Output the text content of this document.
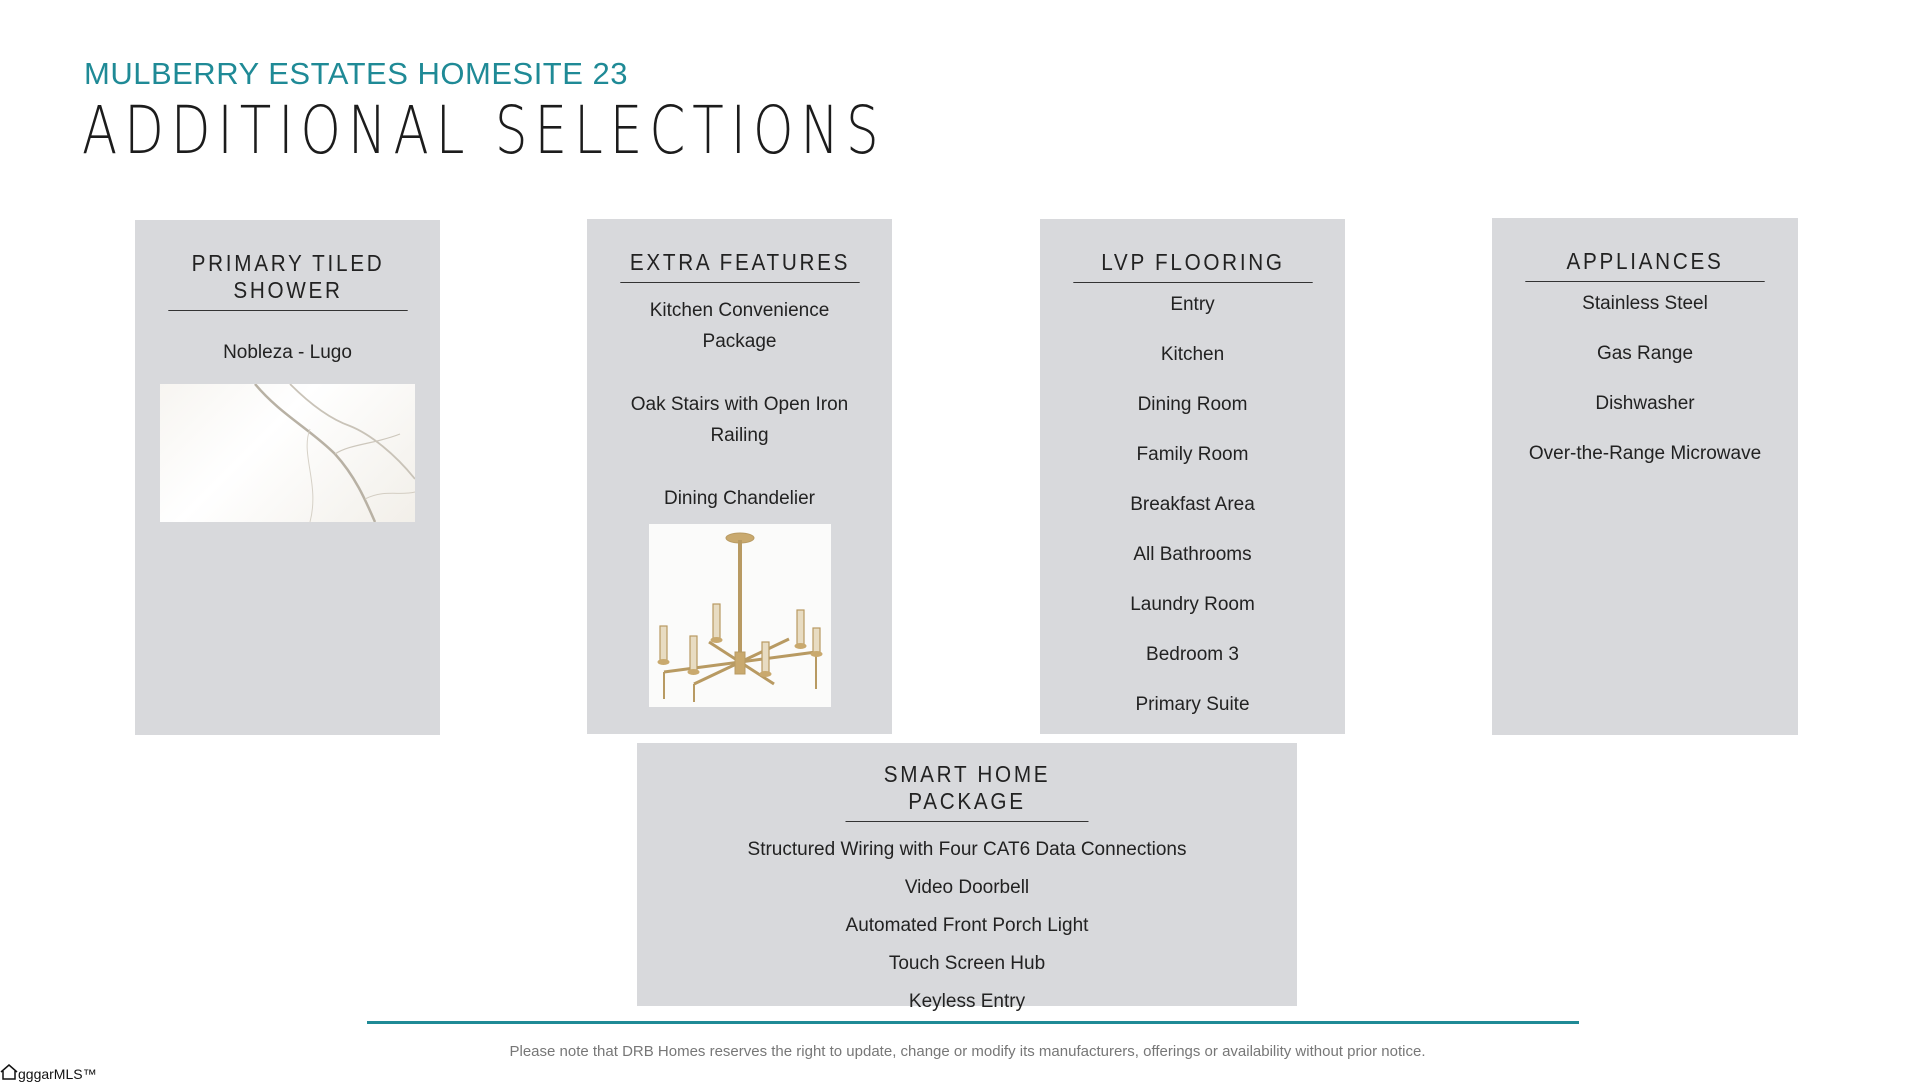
MULBERRY ESTATES HOMESITE 23
ADDITIONAL SELECTIONS
PRIMARY TILED SHOWER
Nobleza - Lugo
EXTRA FEATURES
Kitchen Convenience Package
Oak Stairs with Open Iron Railing
Dining Chandelier
LVP FLOORING
Entry
Kitchen
Dining Room
Family Room
Breakfast Area
All Bathrooms
Laundry Room
Bedroom 3
Primary Suite
APPLIANCES
Stainless Steel
Gas Range
Dishwasher
Over-the-Range Microwave
SMART HOME PACKAGE
Structured Wiring with Four CAT6 Data Connections
Video Doorbell
Automated Front Porch Light
Touch Screen Hub
Keyless Entry
Please note that DRB Homes reserves the right to update, change or modify its manufacturers, offerings or availability without prior notice.
gggarMLS™
